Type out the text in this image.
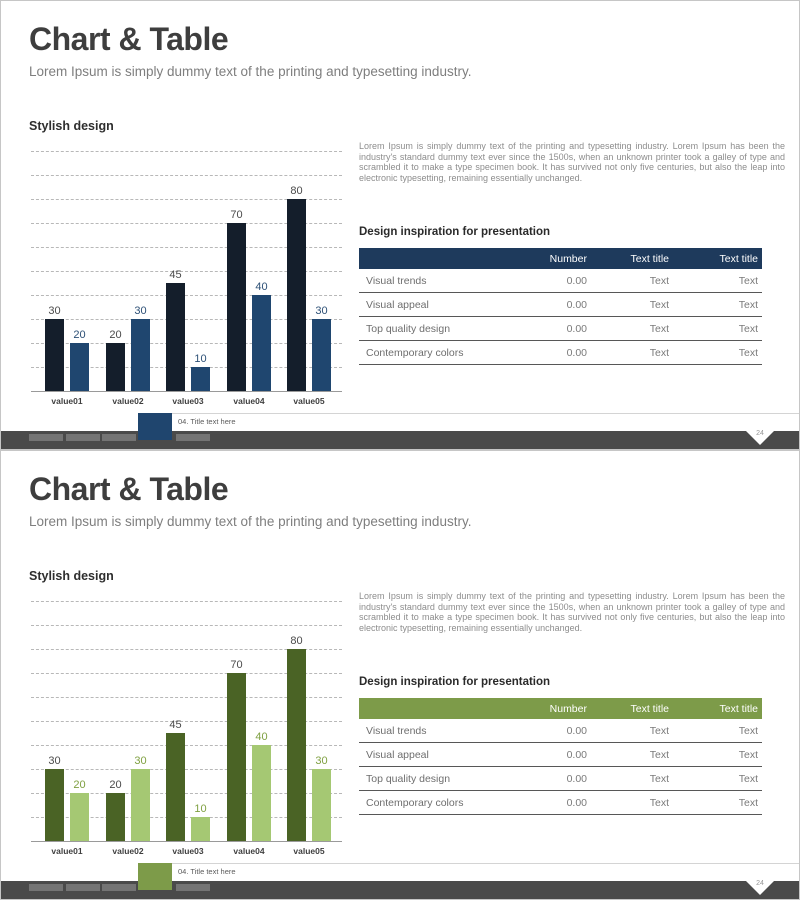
Chart & Table

Lorem Ipsum is simply dummy text of the printing and typesetting industry.

Stylish design
30
20 20
30
45
10
70
40
80
30
value01	value02	value03	value04	value05

Lorem Ipsum is simply dummy text of the printing and typesetting industry. Lorem Ipsum has been the industry's standard dummy text ever since the 1500s, when an unknown printer took a galley of type and scrambled it to make a type specimen book. It has survived not only five centuries, but also the leap into electronic typesetting, remaining essentially unchanged.

Design inspiration for presentation
	Number	Text title	Text title
Visual trends	0.00	Text	Text
Visual appeal	0.00	Text	Text
Top quality design	0.00	Text	Text
Contemporary colors	0.00	Text	Text
04. Title text here
24
Chart & Table

Lorem Ipsum is simply dummy text of the printing and typesetting industry.

Stylish design
30
20 20
30
45
10
70
40
80
30
value01	value02	value03	value04	value05

Lorem Ipsum is simply dummy text of the printing and typesetting industry. Lorem Ipsum has been the industry's standard dummy text ever since the 1500s, when an unknown printer took a galley of type and scrambled it to make a type specimen book. It has survived not only five centuries, but also the leap into electronic typesetting, remaining essentially unchanged.

Design inspiration for presentation
	Number	Text title	Text title
Visual trends	0.00	Text	Text
Visual appeal	0.00	Text	Text
Top quality design	0.00	Text	Text
Contemporary colors	0.00	Text	Text
04. Title text here
24
